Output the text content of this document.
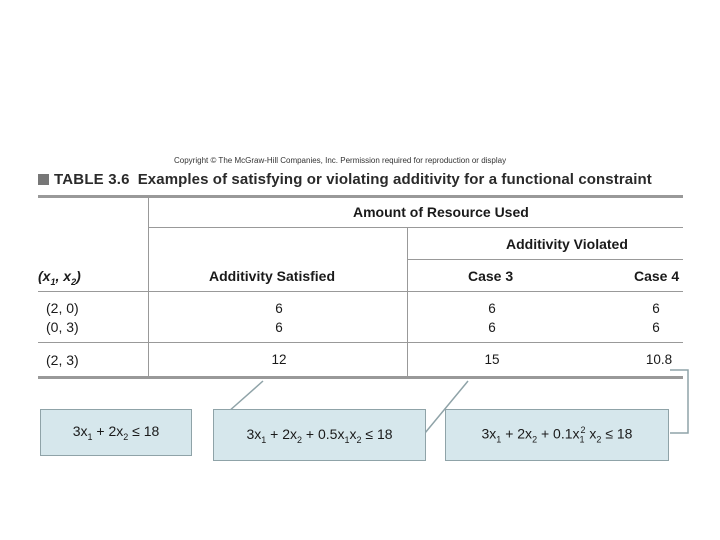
Copyright © The McGraw-Hill Companies, Inc. Permission required for reproduction or display
TABLE 3.6 Examples of satisfying or violating additivity for a functional constraint
Amount of Resource Used
Additivity Violated
($x_1$, $x_2$)	Additivity Satisfied	Case 3	Case 4
(2, 0)	6	6	6
(0, 3)	6	6	6
(2, 3)	12	15	10.8
$3x_1 + 2x_2 \le 18$	$3x_1 + 2x_2 + 0.5x_1x_2 \le 18$	$3x_1 + 2x_2 + 0.1x_1^2$ $x_2 \le 18$
